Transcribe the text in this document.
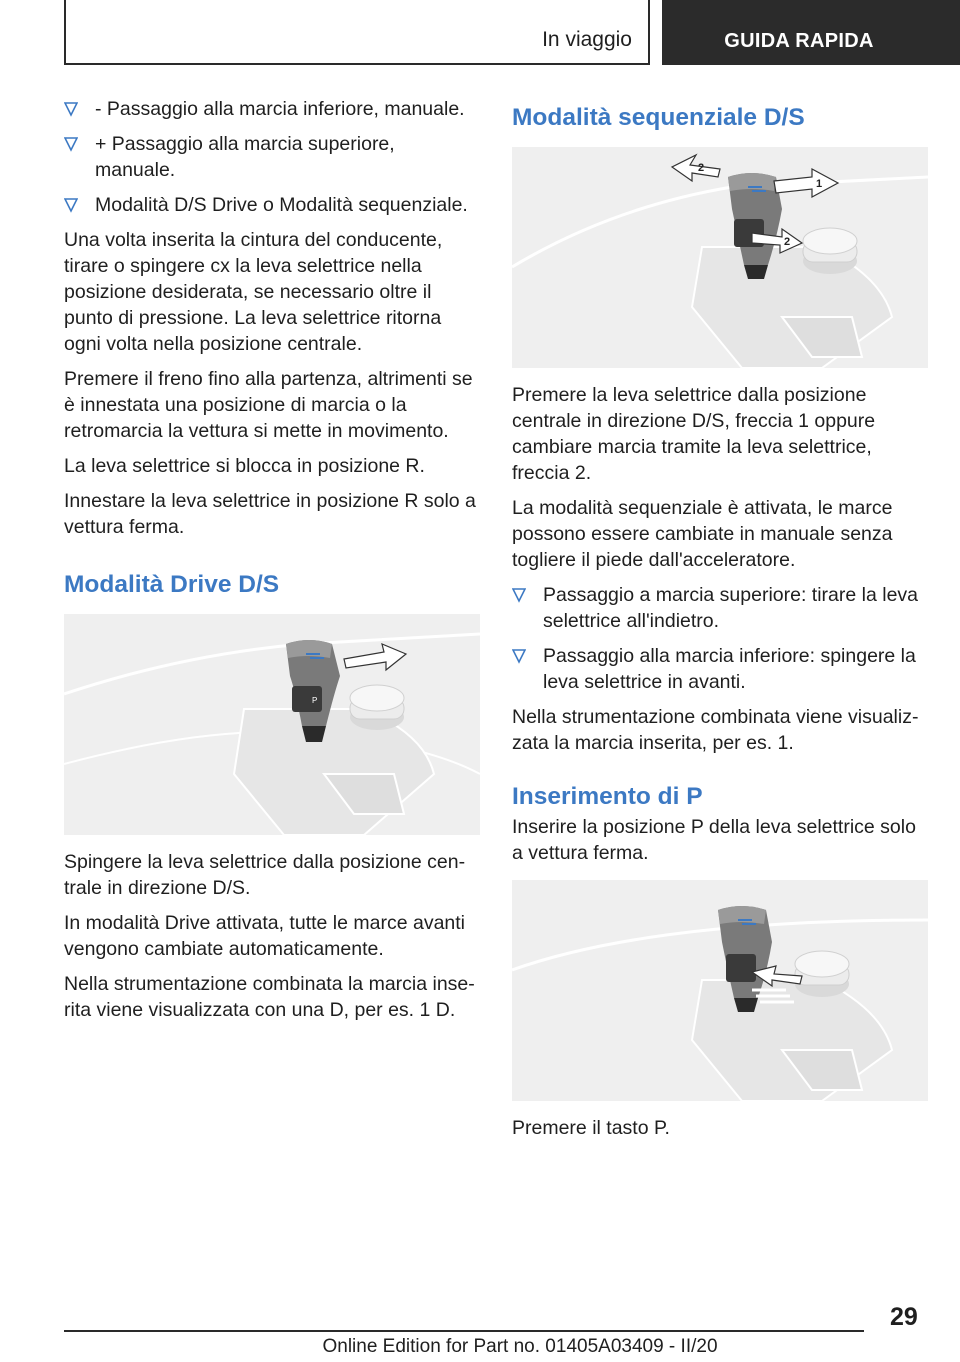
In viaggio	GUIDA RAPIDA
- Passaggio alla marcia inferiore, manuale.
+ Passaggio alla marcia superiore, manuale.
Modalità D/S Drive o Modalità sequenziale.

Una volta inserita la cintura del conducente, tirare o spingere cx la leva selettrice nella posizione desiderata, se necessario oltre il punto di pressione. La leva selettrice ritorna ogni volta nella posizione centrale.

Premere il freno fino alla partenza, altrimenti se è innestata una posizione di marcia o la retromarcia la vettura si mette in movimento.

La leva selettrice si blocca in posizione R.

Innestare la leva selettrice in posizione R solo a vettura ferma.

Modalità Drive D/S
P

Spingere la leva selettrice dalla posizione centrale in direzione D/S.

In modalità Drive attivata, tutte le marce avanti vengono cambiate automaticamente.

Nella strumentazione combinata la marcia inserita viene visualizzata con una D, per es. 1 D.

Modalità sequenziale D/S
1
2
2

Premere la leva selettrice dalla posizione centrale in direzione D/S, freccia 1 oppure cambiare marcia tramite la leva selettrice, freccia 2.

La modalità sequenziale è attivata, le marce possono essere cambiate in manuale senza togliere il piede dall'acceleratore.

Passaggio a marcia superiore: tirare la leva selettrice all'indietro.
Passaggio alla marcia inferiore: spingere la leva selettrice in avanti.

Nella strumentazione combinata viene visualizzata la marcia inserita, per es. 1.

Inserimento di P

Inserire la posizione P della leva selettrice solo a vettura ferma.

Premere il tasto P.

29
Online Edition for Part no. 01405A03409 - II/20
